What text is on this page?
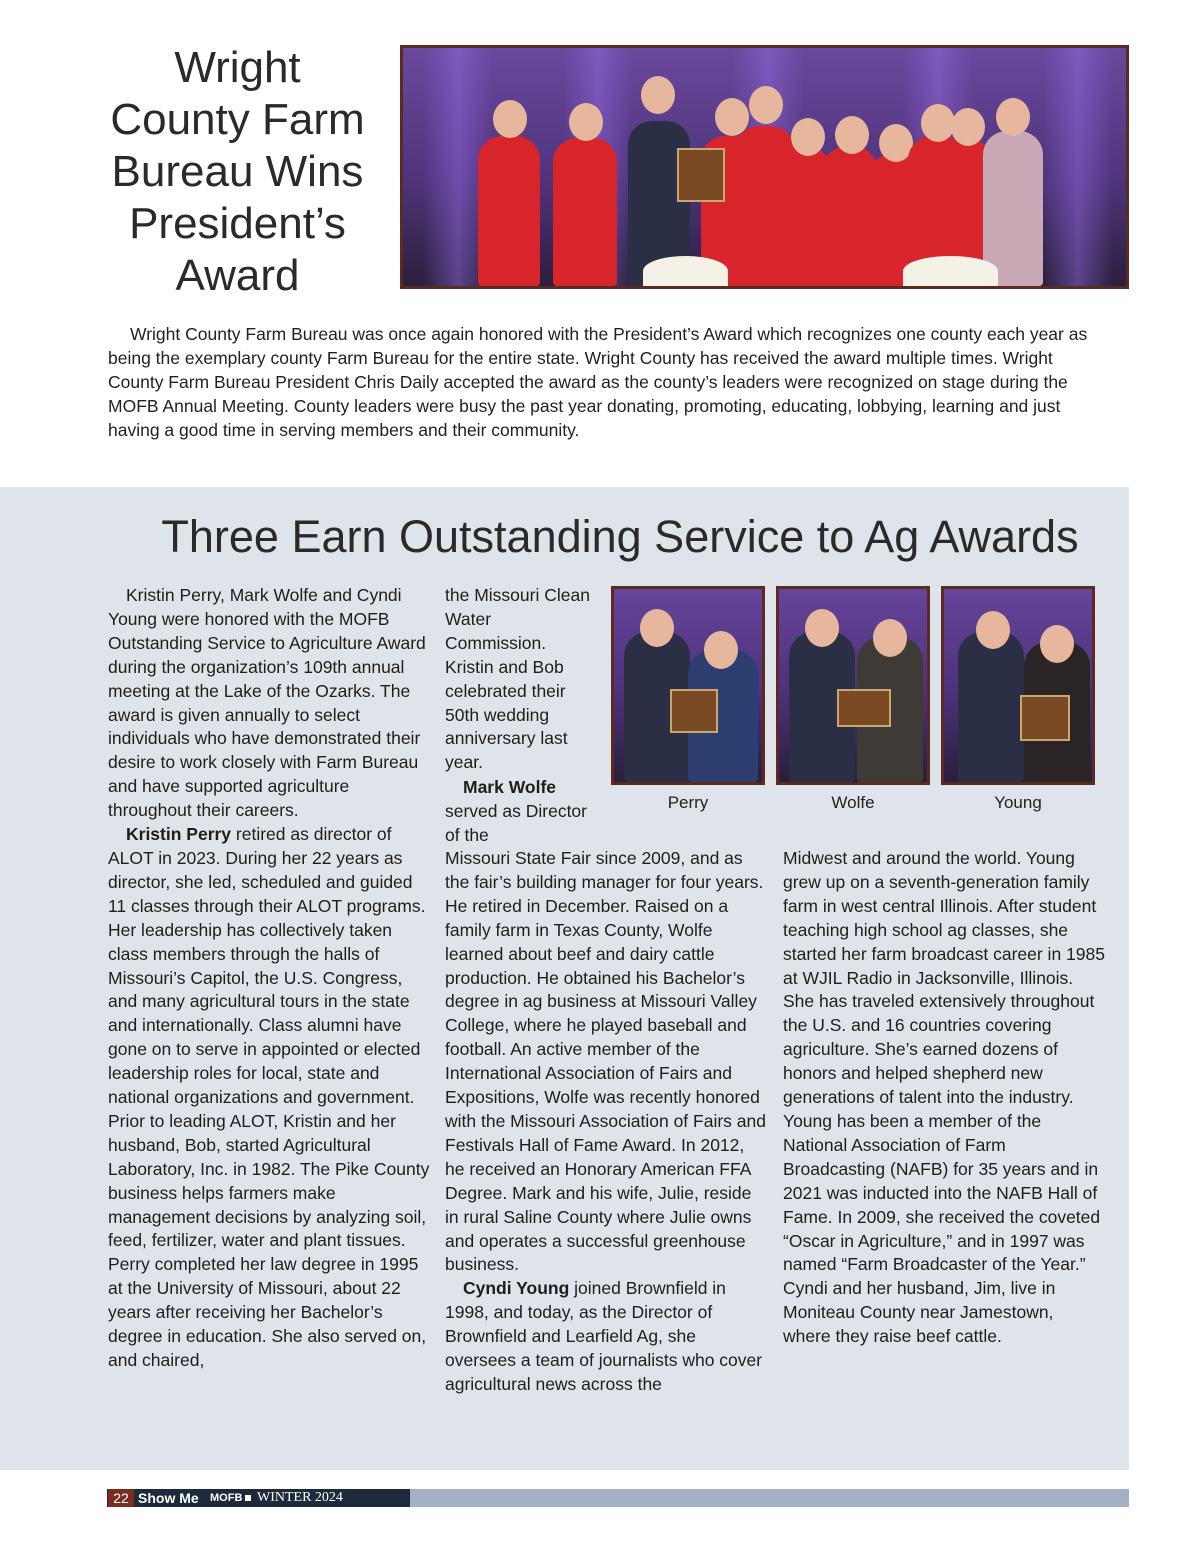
Wright
County Farm
Bureau Wins
President’s
Award

Wright County Farm Bureau was once again honored with the President’s Award which recognizes one county each year as being the exemplary county Farm Bureau for the entire state. Wright County has received the award multiple times. Wright County Farm Bureau President Chris Daily accepted the award as the county’s leaders were recognized on stage during the MOFB Annual Meeting. County leaders were busy the past year donating, promoting, educating, lobbying, learning and just having a good time in serving members and their community.

Three Earn Outstanding Service to Ag Awards

Kristin Perry, Mark Wolfe and Cyndi Young were honored with the MOFB Outstanding Service to Agriculture Award during the organization’s 109th annual meeting at the Lake of the Ozarks. The award is given annually to select individuals who have demonstrated their desire to work closely with Farm Bureau and have supported agriculture throughout their careers.

Kristin Perry retired as director of ALOT in 2023. During her 22 years as director, she led, scheduled and guided 11 classes through their ALOT programs. Her leadership has collectively taken class members through the halls of Missouri’s Capitol, the U.S. Congress, and many agricultural tours in the state and internationally. Class alumni have gone on to serve in appointed or elected leadership roles for local, state and national organizations and government. Prior to leading ALOT, Kristin and her husband, Bob, started Agricultural Laboratory, Inc. in 1982. The Pike County business helps farmers make management decisions by analyzing soil, feed, fertilizer, water and plant tissues. Perry completed her law degree in 1995 at the University of Missouri, about 22 years after receiving her Bachelor’s degree in education. She also served on, and chaired,

the Missouri Clean Water Commission. Kristin and Bob celebrated their 50th wedding anniversary last year.

Mark Wolfe

served as Director of the

Missouri State Fair since 2009, and as the fair’s building manager for four years. He retired in December. Raised on a family farm in Texas County, Wolfe learned about beef and dairy cattle production. He obtained his Bachelor’s degree in ag business at Missouri Valley College, where he played baseball and football. An active member of the International Association of Fairs and Expositions, Wolfe was recently honored with the Missouri Association of Fairs and Festivals Hall of Fame Award. In 2012, he received an Honorary American FFA Degree. Mark and his wife, Julie, reside in rural Saline County where Julie owns and operates a successful greenhouse business.

Cyndi Young joined Brownfield in 1998, and today, as the Director of Brownfield and Learfield Ag, she oversees a team of journalists who cover agricultural news across the

Midwest and around the world. Young grew up on a seventh-generation family farm in west central Illinois. After student teaching high school ag classes, she started her farm broadcast career in 1985 at WJIL Radio in Jacksonville, Illinois. She has traveled extensively throughout the U.S. and 16 countries covering agriculture. She’s earned dozens of honors and helped shepherd new generations of talent into the industry. Young has been a member of the National Association of Farm Broadcasting (NAFB) for 35 years and in 2021 was inducted into the NAFB Hall of Fame. In 2009, she received the coveted “Oscar in Agriculture,” and in 1997 was named “Farm Broadcaster of the Year.” Cyndi and her husband, Jim, live in Moniteau County near Jamestown, where they raise beef cattle.

Perry	Wolfe	Young
22 Show Me MOFB WINTER 2024
